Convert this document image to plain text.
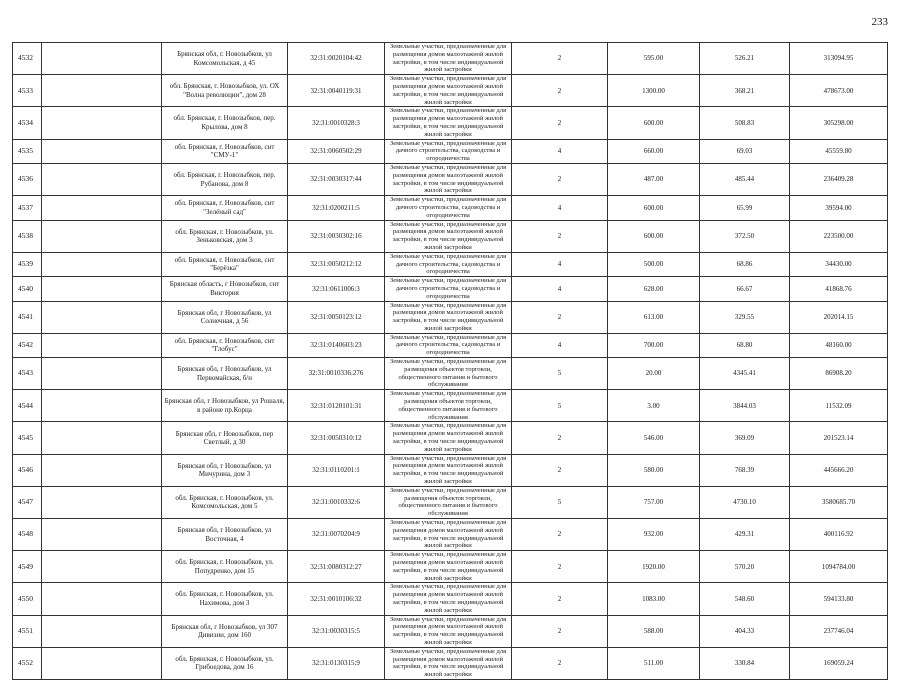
233
4532		Брянская обл, г. Новозыбков, ул Комсомольская, д 45	32:31:0020104:42	Земельные участки, предназначенные для размещения домов малоэтажной жилой застройки, в том числе индивидуальной жилой застройки	2	595.00	526.21	313094.95
4533		обл. Брянская, г. Новозыбков, ул. ОХ "Волна революции", дом 28	32:31:0040119:31	Земельные участки, предназначенные для размещения домов малоэтажной жилой застройки, в том числе индивидуальной жилой застройки	2	1300.00	368.21	478673.00
4534		обл. Брянская, г. Новозыбков, пер. Крылова, дом 8	32:31:0010328:3	Земельные участки, предназначенные для размещения домов малоэтажной жилой застройки, в том числе индивидуальной жилой застройки	2	600.00	508.83	305298.00
4535		обл. Брянская, г. Новозыбков, снт "СМУ-1"	32:31:0060502:29	Земельные участки, предназначенные для дачного строительства, садоводства и огородничества	4	660.00	69.03	45559.80
4536		обл. Брянская, г. Новозыбков, пер. Рубанова, дом 8	32:31:0030317:44	Земельные участки, предназначенные для размещения домов малоэтажной жилой застройки, в том числе индивидуальной жилой застройки	2	487.00	485.44	236409.28
4537		обл. Брянская, г. Новозыбков, снт "Зелёный сад"	32:31:0200211:5	Земельные участки, предназначенные для дачного строительства, садоводства и огородничества	4	600.00	65.99	39594.00
4538		обл. Брянская, г. Новозыбков, ул. Зеньковская, дом 3	32:31:0030302:16	Земельные участки, предназначенные для размещения домов малоэтажной жилой застройки, в том числе индивидуальной жилой застройки	2	600.00	372.50	223500.00
4539		обл. Брянская, г. Новозыбков, снт "Берёзка"	32:31:0050212:12	Земельные участки, предназначенные для дачного строительства, садоводства и огородничества	4	500.00	68.86	34430.00
4540		Брянская область, г Новозыбков, снт Виктория	32:31:0611006:3	Земельные участки, предназначенные для дачного строительства, садоводства и огородничества	4	628.00	66.67	41868.76
4541		Брянская обл, г Новозыбков, ул Солнечная, д 56	32:31:0050123:12	Земельные участки, предназначенные для размещения домов малоэтажной жилой застройки, в том числе индивидуальной жилой застройки	2	613.00	329.55	202014.15
4542		обл. Брянская, г. Новозыбков, снт "Глобус"	32:31:0140603:23	Земельные участки, предназначенные для дачного строительства, садоводства и огородничества	4	700.00	68.80	48160.00
4543		Брянская обл, г Новозыбков, ул Первомайская, б/н	32:31:0010336:276	Земельные участки, предназначенные для размещения объектов торговли, общественного питания и бытового обслуживания	5	20.00	4345.41	86908.20
4544		Брянская обл, г Новозыбков, ул Рошаля, в районе пр.Корца	32:31:0120101:31	Земельные участки, предназначенные для размещения объектов торговли, общественного питания и бытового обслуживания	5	3.00	3844.03	11532.09
4545		Брянская обл, г Новозыбков, пер Светлый, д 30	32:31:0050310:12	Земельные участки, предназначенные для размещения домов малоэтажной жилой застройки, в том числе индивидуальной жилой застройки	2	546.00	369.09	201523.14
4546		Брянская обл, г Новозыбков, ул Мичурина, дом 3	32:31:0110201:1	Земельные участки, предназначенные для размещения домов малоэтажной жилой застройки, в том числе индивидуальной жилой застройки	2	580.00	768.39	445666.20
4547		обл. Брянская, г. Новозыбков, ул. Комсомольская, дом 5	32:31:0010332:6	Земельные участки, предназначенные для размещения объектов торговли, общественного питания и бытового обслуживания	5	757.00	4730.10	3580685.70
4548		Брянская обл, г Новозыбков, ул Восточная, 4	32:31:0070204:9	Земельные участки, предназначенные для размещения домов малоэтажной жилой застройки, в том числе индивидуальной жилой застройки	2	932.00	429.31	400116.92
4549		обл. Брянская, г. Новозыбков, ул. Попудренко, дом 15	32:31:0080312:27	Земельные участки, предназначенные для размещения домов малоэтажной жилой застройки, в том числе индивидуальной жилой застройки	2	1920.00	570.20	1094784.00
4550		обл. Брянская, г. Новозыбков, ул. Нахимова, дом 3	32:31:0010106:32	Земельные участки, предназначенные для размещения домов малоэтажной жилой застройки, в том числе индивидуальной жилой застройки	2	1083.00	548.60	594133.80
4551		Брянская обл, г Новозыбков, ул 307 Дивизии, дом 160	32:31:0030315:5	Земельные участки, предназначенные для размещения домов малоэтажной жилой застройки, в том числе индивидуальной жилой застройки	2	588.00	404.33	237746.04
4552		обл. Брянская, г. Новозыбков, ул. Грибоедова, дом 16	32:31:0130315:9	Земельные участки, предназначенные для размещения домов малоэтажной жилой застройки, в том числе индивидуальной жилой застройки	2	511.00	330.84	169059.24
